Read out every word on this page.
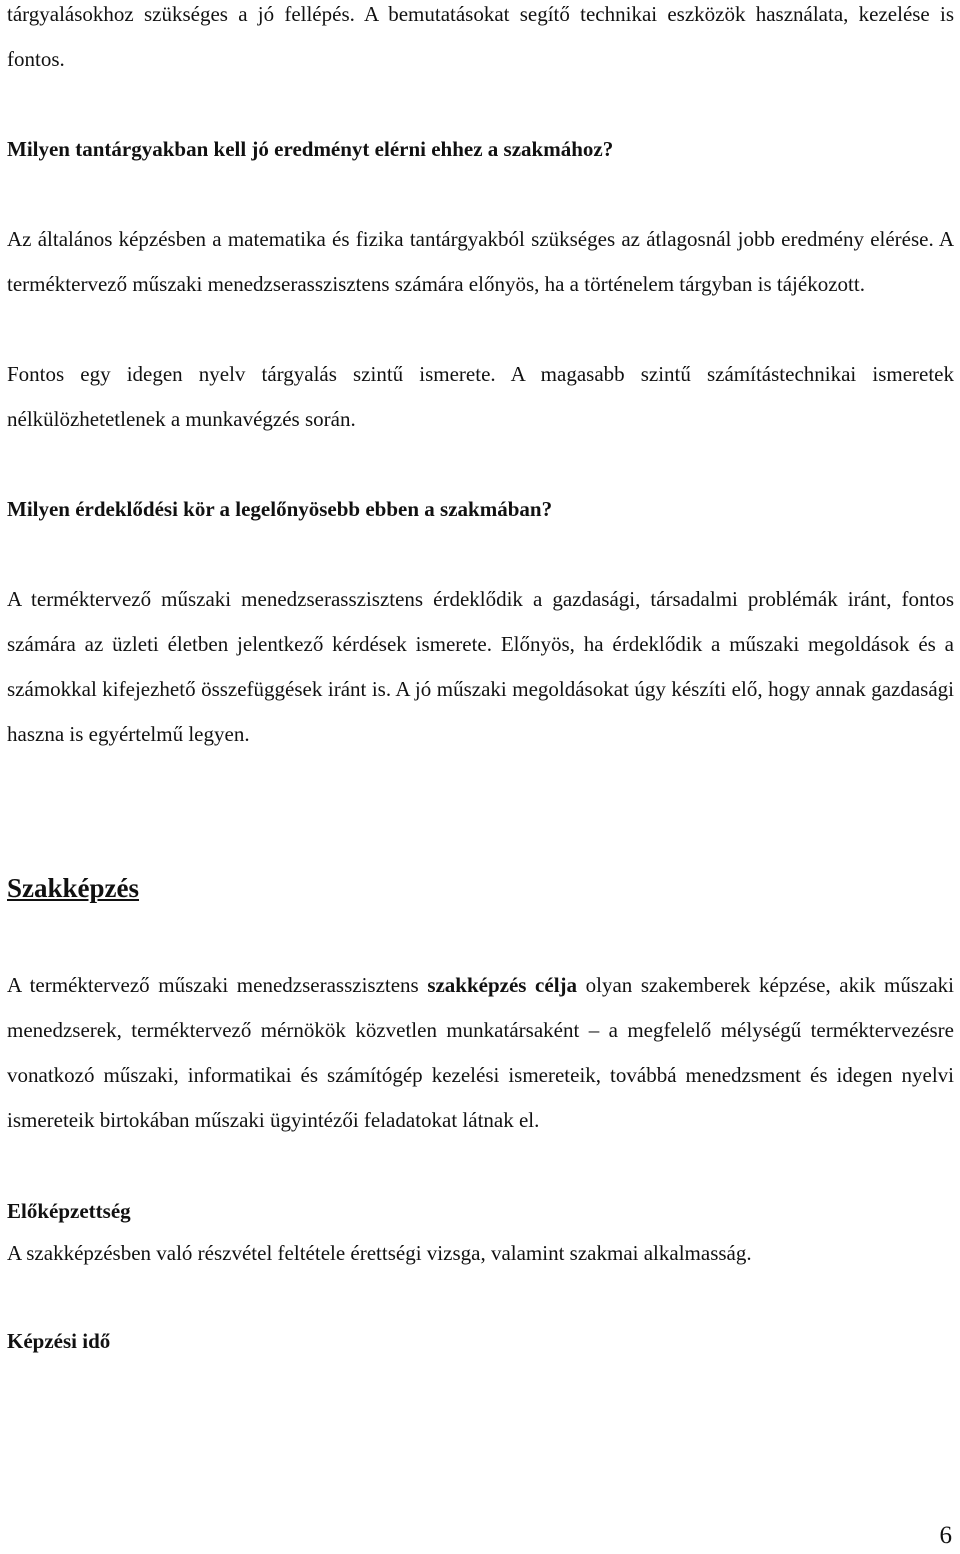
tárgyalásokhoz szükséges a jó fellépés. A bemutatásokat segítő technikai eszközök használata, kezelése is fontos.

Milyen tantárgyakban kell jó eredményt elérni ehhez a szakmához?

Az általános képzésben a matematika és fizika tantárgyakból szükséges az átlagosnál jobb eredmény elérése. A terméktervező műszaki menedzserasszisztens számára előnyös, ha a történelem tárgyban is tájékozott.

Fontos egy idegen nyelv tárgyalás szintű ismerete. A magasabb szintű számítástechnikai ismeretek nélkülözhetetlenek a munkavégzés során.

Milyen érdeklődési kör a legelőnyösebb ebben a szakmában?

A terméktervező műszaki menedzserasszisztens érdeklődik a gazdasági, társadalmi problémák iránt, fontos számára az üzleti életben jelentkező kérdések ismerete. Előnyös, ha érdeklődik a műszaki megoldások és a számokkal kifejezhető összefüggések iránt is. A jó műszaki megoldásokat úgy készíti elő, hogy annak gazdasági haszna is egyértelmű legyen.

Szakképzés

A terméktervező műszaki menedzserasszisztens szakképzés célja olyan szakemberek képzése, akik műszaki menedzserek, terméktervező mérnökök közvetlen munkatársaként – a megfelelő mélységű terméktervezésre vonatkozó műszaki, informatikai és számítógép kezelési ismereteik, továbbá menedzsment és idegen nyelvi ismereteik birtokában műszaki ügyintézői feladatokat látnak el.

Előképzettség

A szakképzésben való részvétel feltétele érettségi vizsga, valamint szakmai alkalmasság.

Képzési idő
6
